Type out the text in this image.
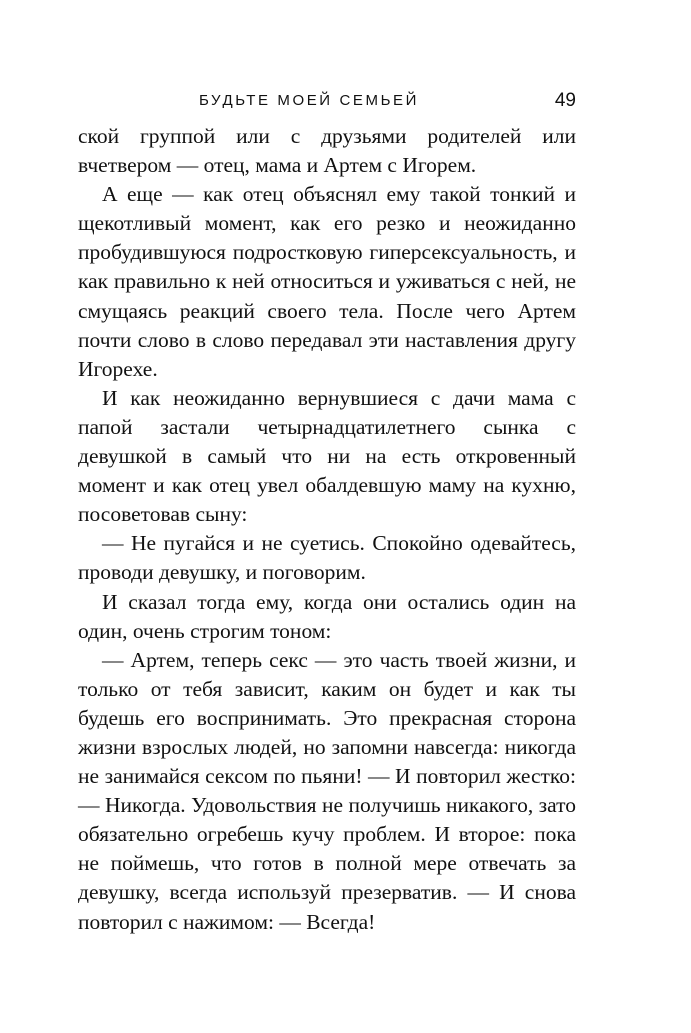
БУДЬТЕ МОЕЙ СЕМЬЕЙ	49

ской группой или с друзьями родителей или вчетвером — отец, мама и Артем с Игорем.

А еще — как отец объяснял ему такой тонкий и щекотливый момент, как его резко и неожиданно пробудившуюся подростковую гиперсексуальность, и как правильно к ней относиться и уживаться с ней, не смущаясь реакций своего тела. После чего Артем почти слово в слово передавал эти наставления другу Игорехе.

И как неожиданно вернувшиеся с дачи мама с папой застали четырнадцатилетнего сынка с девушкой в самый что ни на есть откровенный момент и как отец увел обалдевшую маму на кухню, посоветовав сыну:

— Не пугайся и не суетись. Спокойно одевайтесь, проводи девушку, и поговорим.

И сказал тогда ему, когда они остались один на один, очень строгим тоном:

— Артем, теперь секс — это часть твоей жизни, и только от тебя зависит, каким он будет и как ты будешь его воспринимать. Это прекрасная сторона жизни взрослых людей, но запомни навсегда: никогда не занимайся сексом по пьяни! — И повторил жестко: — Никогда. Удовольствия не получишь никакого, зато обязательно огребешь кучу проблем. И второе: пока не поймешь, что готов в полной мере отвечать за девушку, всегда используй презерватив. — И снова повторил с нажимом: — Всегда!
